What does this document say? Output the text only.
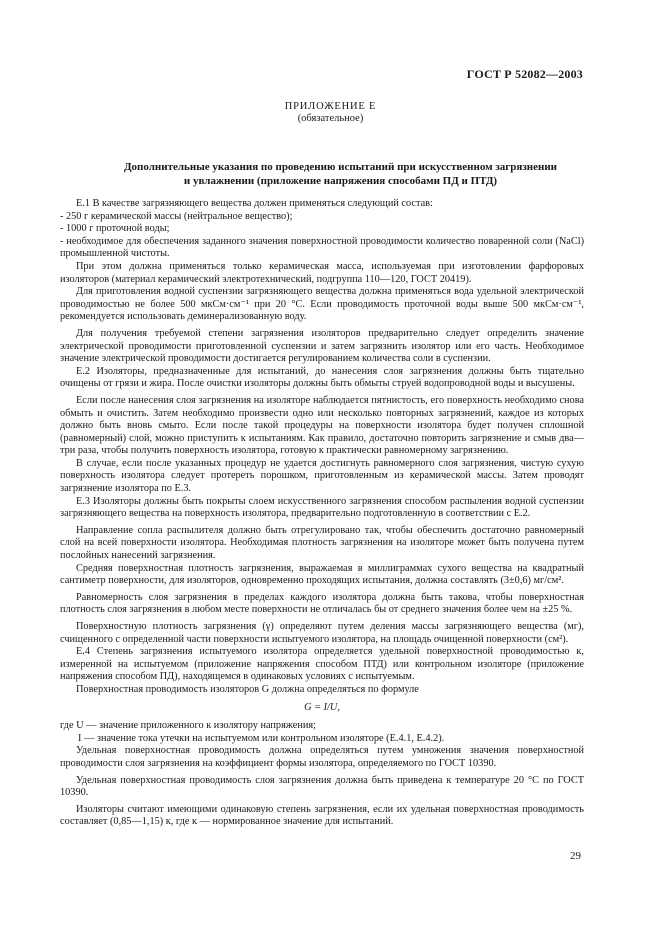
ГОСТ Р 52082—2003
ПРИЛОЖЕНИЕ Е
(обязательное)
Дополнительные указания по проведению испытаний при искусственном загрязнении
и увлажнении (приложение напряжения способами ПД и ПТД)

Е.1 В качестве загрязняющего вещества должен применяться следующий состав:

- 250 г керамической массы (нейтральное вещество);

- 1000 г проточной воды;

- необходимое для обеспечения заданного значения поверхностной проводимости количество поваренной соли (NaCl) промышленной чистоты.

При этом должна применяться только керамическая масса, используемая при изготовлении фарфоровых изоляторов (материал керамический электротехнический, подгруппа 110—120, ГОСТ 20419).

Для приготовления водной суспензии загрязняющего вещества должна применяться вода удельной электрической проводимостью не более 500 мкСм·см⁻¹ при 20 °С. Если проводимость проточной воды выше 500 мкСм·см⁻¹, рекомендуется использовать деминерализованную воду.

Для получения требуемой степени загрязнения изоляторов предварительно следует определить значение электрической проводимости приготовленной суспензии и затем загрязнить изолятор или его часть. Необходимое значение электрической проводимости достигается регулированием количества соли в суспензии.

Е.2 Изоляторы, предназначенные для испытаний, до нанесения слоя загрязнения должны быть тщательно очищены от грязи и жира. После очистки изоляторы должны быть обмыты струей водопроводной воды и высушены.

Если после нанесения слоя загрязнения на изоляторе наблюдается пятнистость, его поверхность необходимо снова обмыть и очистить. Затем необходимо произвести одно или несколько повторных загрязнений, каждое из которых должно быть вновь смыто. Если после такой процедуры на поверхности изолятора будет получен сплошной (равномерный) слой, можно приступить к испытаниям. Как правило, достаточно повторить загрязнение и смыв два—три раза, чтобы получить поверхность изолятора, готовую к практически равномерному загрязнению.

В случае, если после указанных процедур не удается достигнуть равномерного слоя загрязнения, чистую сухую поверхность изолятора следует протереть порошком, приготовленным из керамической массы. Затем проводят загрязнение изолятора по Е.3.

Е.3 Изоляторы должны быть покрыты слоем искусственного загрязнения способом распыления водной суспензии загрязняющего вещества на поверхность изолятора, предварительно подготовленную в соответствии с Е.2.

Направление сопла распылителя должно быть отрегулировано так, чтобы обеспечить достаточно равномерный слой на всей поверхности изолятора. Необходимая плотность загрязнения на изоляторе может быть получена путем послойных нанесений загрязнения.

Средняя поверхностная плотность загрязнения, выражаемая в миллиграммах сухого вещества на квадратный сантиметр поверхности, для изоляторов, одновременно проходящих испытания, должна составлять (3±0,6) мг/см².

Равномерность слоя загрязнения в пределах каждого изолятора должна быть такова, чтобы поверхностная плотность слоя загрязнения в любом месте поверхности не отличалась бы от среднего значения более чем на ±25 %.

Поверхностную плотность загрязнения (γ) определяют путем деления массы загрязняющего вещества (мг), счищенного с определенной части поверхности испытуемого изолятора, на площадь очищенной поверхности (см²).

Е.4 Степень загрязнения испытуемого изолятора определяется удельной поверхностной проводимостью к, измеренной на испытуемом (приложение напряжения способом ПТД) или контрольном изоляторе (приложение напряжения способом ПД), находящемся в одинаковых условиях с испытуемым.

Поверхностная проводимость изоляторов G должна определяться по формуле

G = I/U,

где U — значение приложенного к изолятору напряжения;

I — значение тока утечки на испытуемом или контрольном изоляторе (Е.4.1, Е.4.2).

Удельная поверхностная проводимость должна определяться путем умножения значения поверхностной проводимости слоя загрязнения на коэффициент формы изолятора, определяемого по ГОСТ 10390.

Удельная поверхностная проводимость слоя загрязнения должна быть приведена к температуре 20 °С по ГОСТ 10390.

Изоляторы считают имеющими одинаковую степень загрязнения, если их удельная поверхностная проводимость составляет (0,85—1,15) к, где к — нормированное значение для испытаний.

29
